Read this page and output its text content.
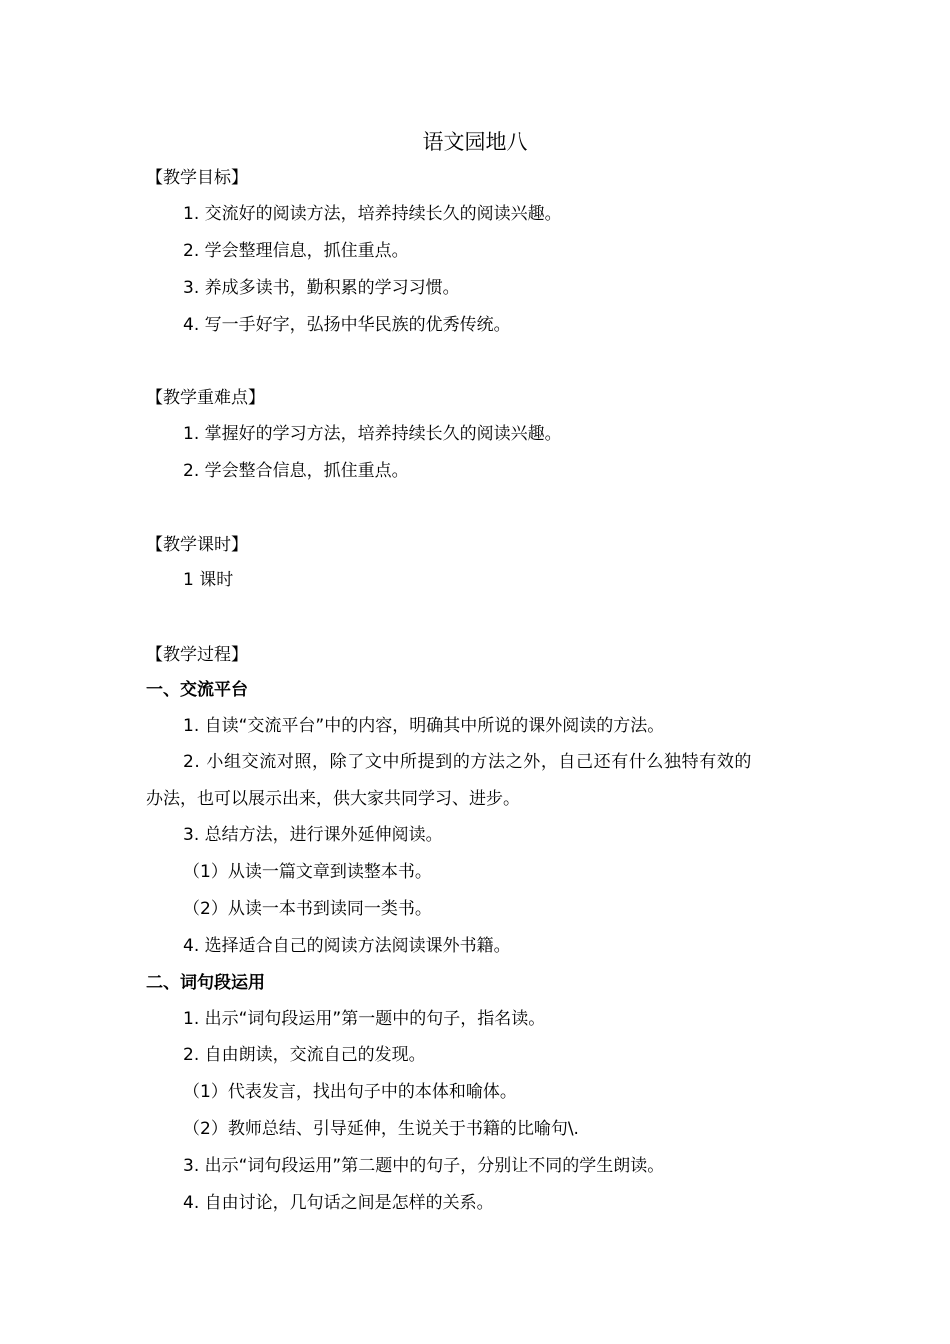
语文园地八
【教学目标】
1. 交流好的阅读方法，培养持续长久的阅读兴趣。
2. 学会整理信息，抓住重点。
3. 养成多读书，勤积累的学习习惯。
4. 写一手好字，弘扬中华民族的优秀传统。
【教学重难点】
1. 掌握好的学习方法，培养持续长久的阅读兴趣。
2. 学会整合信息，抓住重点。
【教学课时】
1 课时
【教学过程】
一、交流平台
1. 自读“交流平台”中的内容，明确其中所说的课外阅读的方法。
2. 小组交流对照，除了文中所提到的方法之外，自己还有什么独特有效的
办法，也可以展示出来，供大家共同学习、进步。
3. 总结方法，进行课外延伸阅读。
（1）从读一篇文章到读整本书。
（2）从读一本书到读同一类书。
4. 选择适合自己的阅读方法阅读课外书籍。
二、词句段运用
1. 出示“词句段运用”第一题中的句子，指名读。
2. 自由朗读，交流自己的发现。
（1）代表发言，找出句子中的本体和喻体。
（2）教师总结、引导延伸，生说关于书籍的比喻句\.
3. 出示“词句段运用”第二题中的句子，分别让不同的学生朗读。
4. 自由讨论，几句话之间是怎样的关系。
